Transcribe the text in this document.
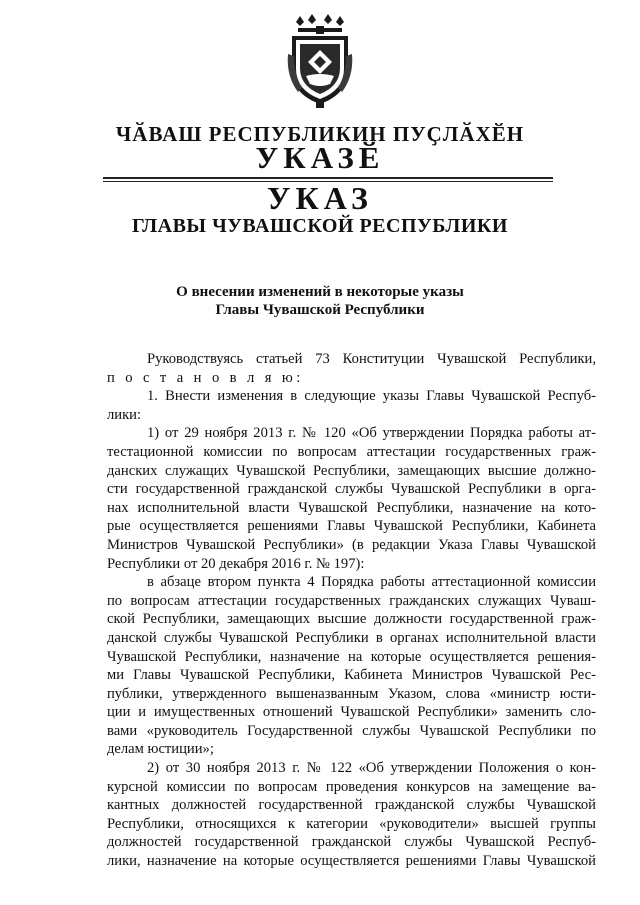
ЧӐВАШ РЕСПУБЛИКИН ПУҪЛӐХӖН
УКАЗӖ
УКАЗ
ГЛАВЫ ЧУВАШСКОЙ РЕСПУБЛИКИ
О внесении изменений в некоторые указы
Главы Чувашской Республики
Руководствуясь статьей 73 Конституции Чувашской Республики,
п о с т а н о в л я ю:
1. Внести изменения в следующие указы Главы Чувашской Респуб-
лики:
1) от 29 ноября 2013 г. № 120 «Об утверждении Порядка работы ат-
тестационной комиссии по вопросам аттестации государственных граж-
данских служащих Чувашской Республики, замещающих высшие должно-
сти государственной гражданской службы Чувашской Республики в орга-
нах исполнительной власти Чувашской Республики, назначение на кото-
рые осуществляется решениями Главы Чувашской Республики, Кабинета
Министров Чувашской Республики» (в редакции Указа Главы Чувашской
Республики от 20 декабря 2016 г. № 197):
в абзаце втором пункта 4 Порядка работы аттестационной комиссии
по вопросам аттестации государственных гражданских служащих Чуваш-
ской Республики, замещающих высшие должности государственной граж-
данской службы Чувашской Республики в органах исполнительной власти
Чувашской Республики, назначение на которые осуществляется решения-
ми Главы Чувашской Республики, Кабинета Министров Чувашской Рес-
публики, утвержденного вышеназванным Указом, слова «министр юсти-
ции и имущественных отношений Чувашской Республики» заменить сло-
вами «руководитель Государственной службы Чувашской Республики по
делам юстиции»;
2) от 30 ноября 2013 г. № 122 «Об утверждении Положения о кон-
курсной комиссии по вопросам проведения конкурсов на замещение ва-
кантных должностей государственной гражданской службы Чувашской
Республики, относящихся к категории «руководители» высшей группы
должностей государственной гражданской службы Чувашской Респуб-
лики, назначение на которые осуществляется решениями Главы Чувашской
